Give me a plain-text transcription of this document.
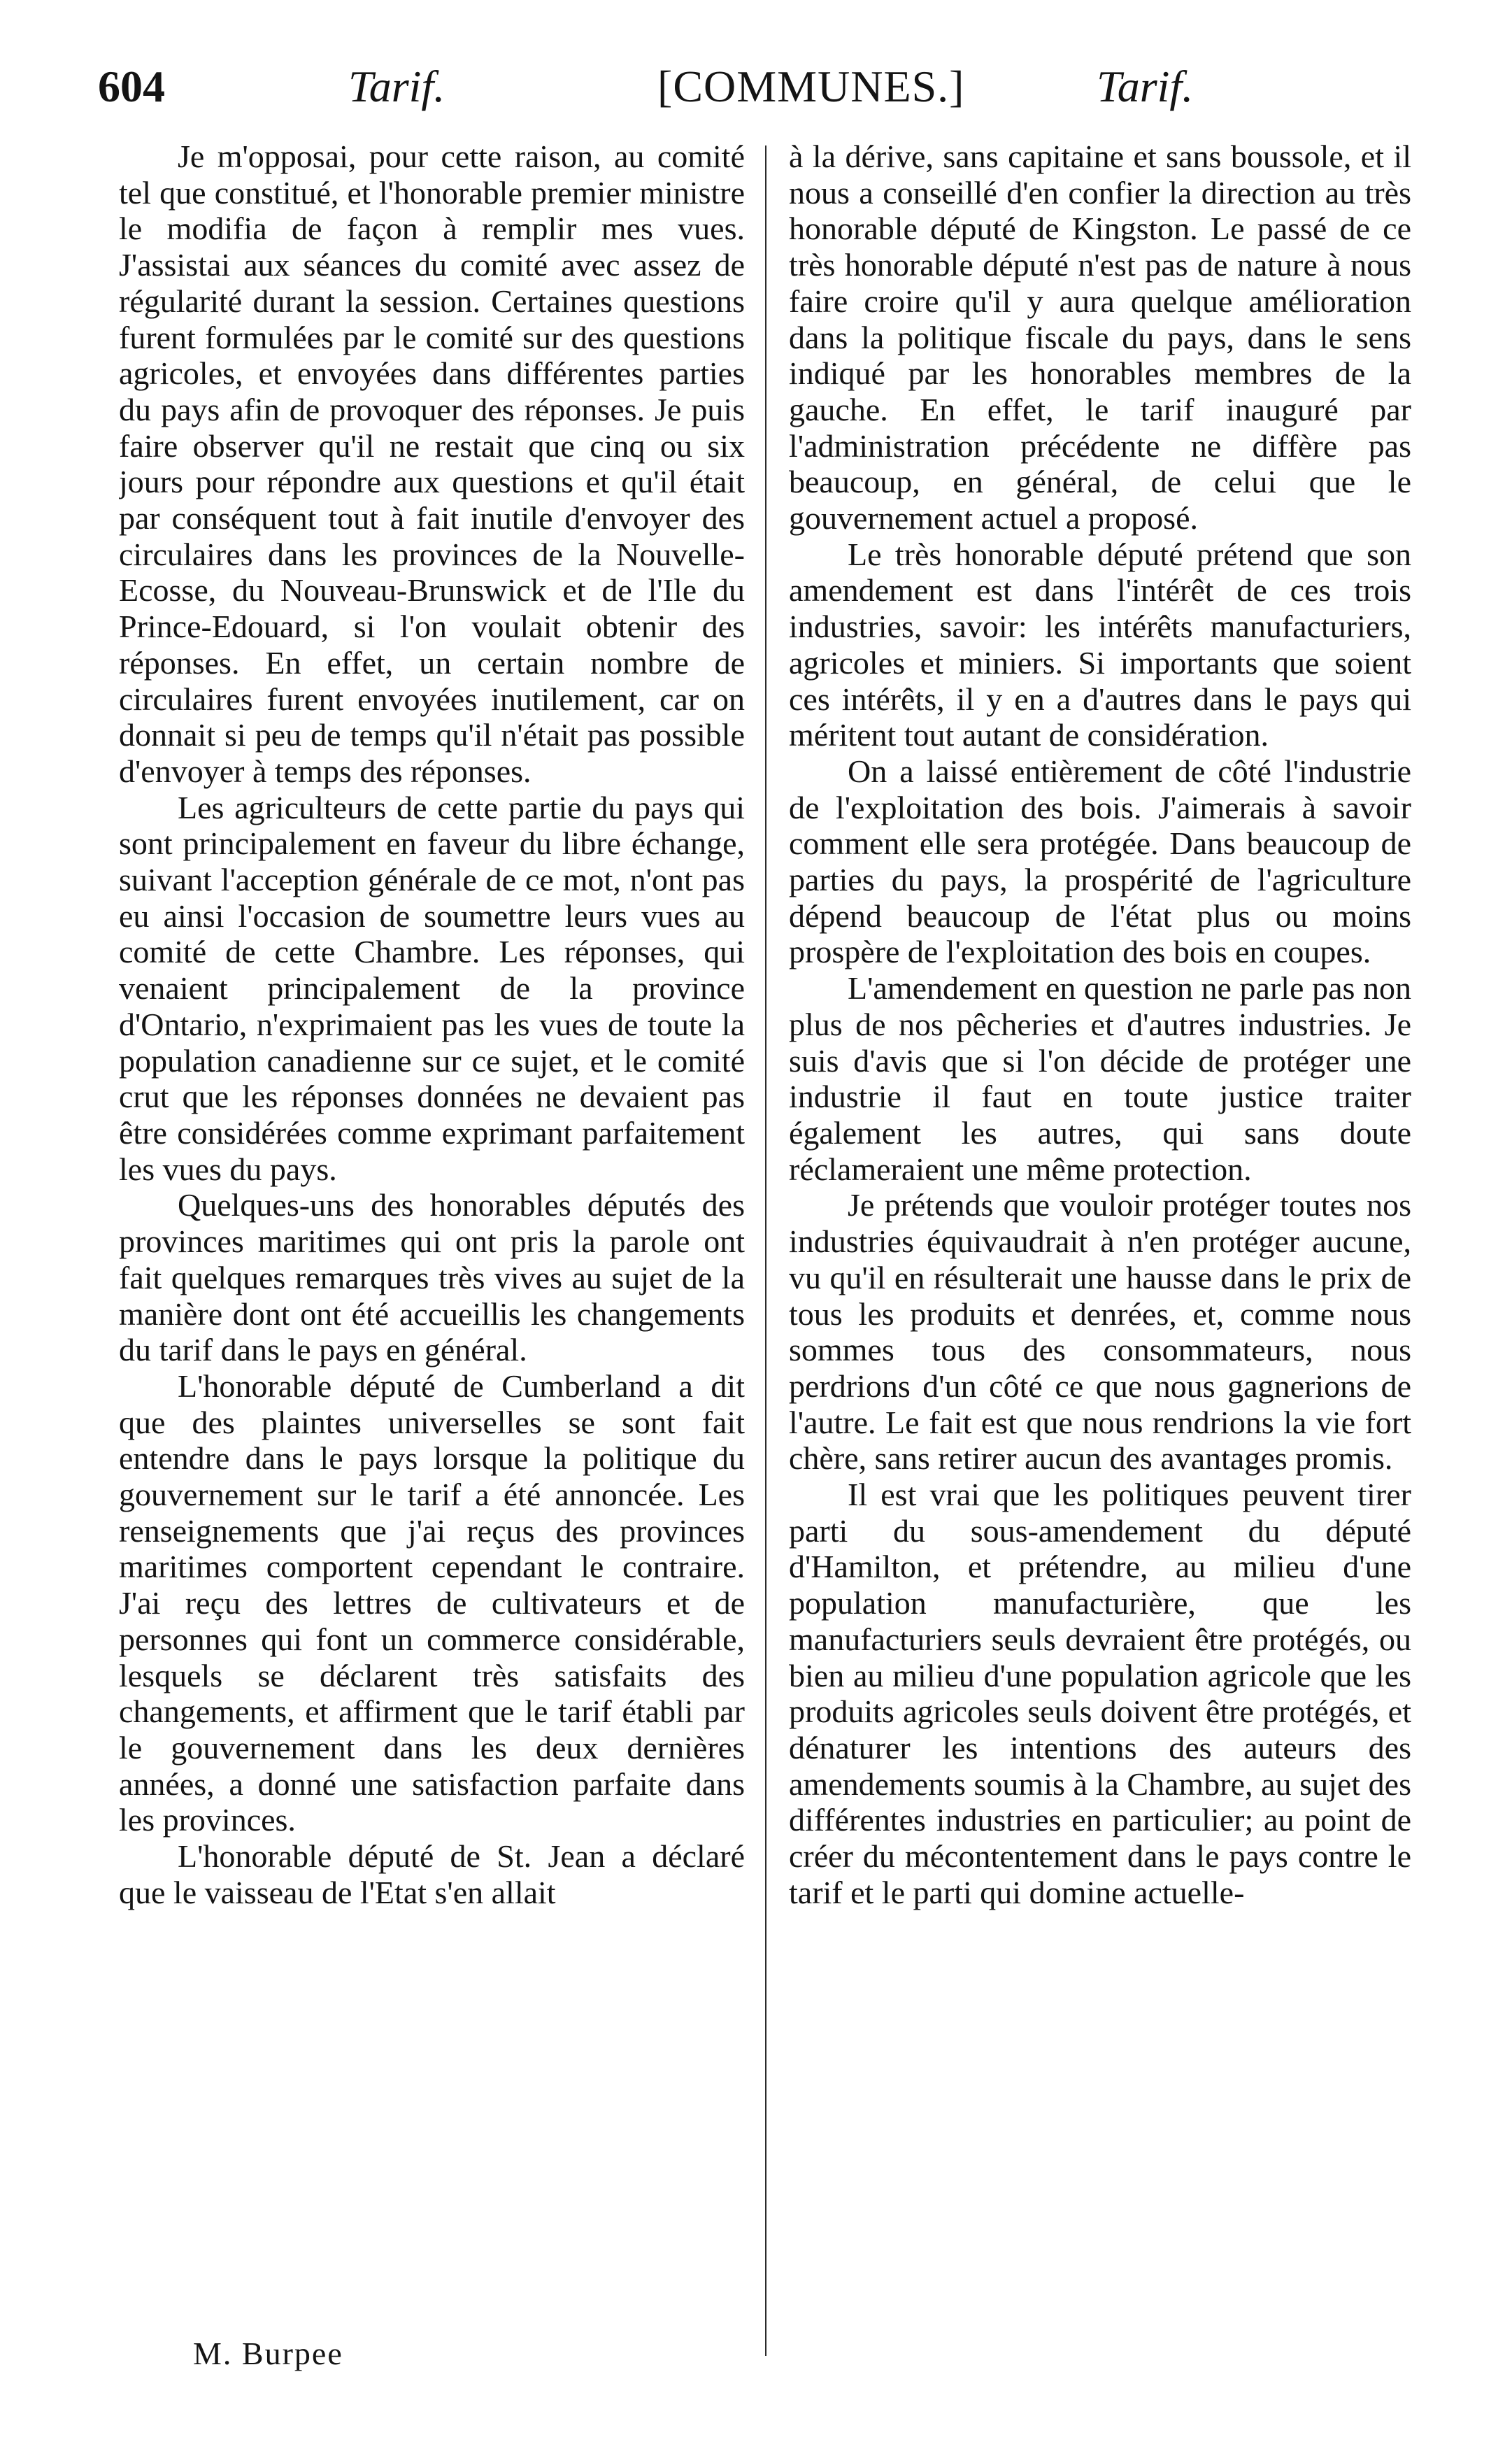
604	Tarif.	[COMMUNES.]	Tarif.

Je m'opposai, pour cette raison, au comité tel que constitué, et l'honorable premier ministre le modifia de façon à remplir mes vues. J'assistai aux séances du comité avec assez de régularité durant la session. Certaines questions furent formulées par le comité sur des questions agricoles, et envoyées dans différentes parties du pays afin de provoquer des réponses. Je puis faire observer qu'il ne restait que cinq ou six jours pour répondre aux questions et qu'il était par conséquent tout à fait inutile d'envoyer des circulaires dans les provinces de la Nouvelle-Ecosse, du Nouveau-Brunswick et de l'Ile du Prince-Edouard, si l'on voulait obtenir des réponses. En effet, un certain nombre de circulaires furent envoyées inutilement, car on donnait si peu de temps qu'il n'était pas possible d'envoyer à temps des réponses.

Les agriculteurs de cette partie du pays qui sont principalement en faveur du libre échange, suivant l'acception générale de ce mot, n'ont pas eu ainsi l'occasion de soumettre leurs vues au comité de cette Chambre. Les réponses, qui venaient principalement de la province d'Ontario, n'exprimaient pas les vues de toute la population canadienne sur ce sujet, et le comité crut que les réponses données ne devaient pas être considérées comme exprimant parfaitement les vues du pays.

Quelques-uns des honorables députés des provinces maritimes qui ont pris la parole ont fait quelques remarques très vives au sujet de la manière dont ont été accueillis les changements du tarif dans le pays en général.

L'honorable député de Cumberland a dit que des plaintes universelles se sont fait entendre dans le pays lorsque la politique du gouvernement sur le tarif a été annoncée. Les renseignements que j'ai reçus des provinces maritimes comportent cependant le contraire. J'ai reçu des lettres de cultivateurs et de personnes qui font un commerce considérable, lesquels se déclarent très satisfaits des changements, et affirment que le tarif établi par le gouvernement dans les deux dernières années, a donné une satisfaction parfaite dans les provinces.

L'honorable député de St. Jean a déclaré que le vaisseau de l'Etat s'en allait

à la dérive, sans capitaine et sans boussole, et il nous a conseillé d'en confier la direction au très honorable député de Kingston. Le passé de ce très honorable député n'est pas de nature à nous faire croire qu'il y aura quelque amélioration dans la politique fiscale du pays, dans le sens indiqué par les honorables membres de la gauche. En effet, le tarif inauguré par l'administration précédente ne diffère pas beaucoup, en général, de celui que le gouvernement actuel a proposé.

Le très honorable député prétend que son amendement est dans l'intérêt de ces trois industries, savoir: les intérêts manufacturiers, agricoles et miniers. Si importants que soient ces intérêts, il y en a d'autres dans le pays qui méritent tout autant de considération.

On a laissé entièrement de côté l'industrie de l'exploitation des bois. J'aimerais à savoir comment elle sera protégée. Dans beaucoup de parties du pays, la prospérité de l'agriculture dépend beaucoup de l'état plus ou moins prospère de l'exploitation des bois en coupes.

L'amendement en question ne parle pas non plus de nos pêcheries et d'autres industries. Je suis d'avis que si l'on décide de protéger une industrie il faut en toute justice traiter également les autres, qui sans doute réclameraient une même protection.

Je prétends que vouloir protéger toutes nos industries équivaudrait à n'en protéger aucune, vu qu'il en résulterait une hausse dans le prix de tous les produits et denrées, et, comme nous sommes tous des consommateurs, nous perdrions d'un côté ce que nous gagnerions de l'autre. Le fait est que nous rendrions la vie fort chère, sans retirer aucun des avantages promis.

Il est vrai que les politiques peuvent tirer parti du sous-amendement du député d'Hamilton, et prétendre, au milieu d'une population manufacturière, que les manufacturiers seuls devraient être protégés, ou bien au milieu d'une population agricole que les produits agricoles seuls doivent être protégés, et dénaturer les intentions des auteurs des amendements soumis à la Chambre, au sujet des différentes industries en particulier; au point de créer du mécontentement dans le pays contre le tarif et le parti qui domine actuelle-

M. Burpee
